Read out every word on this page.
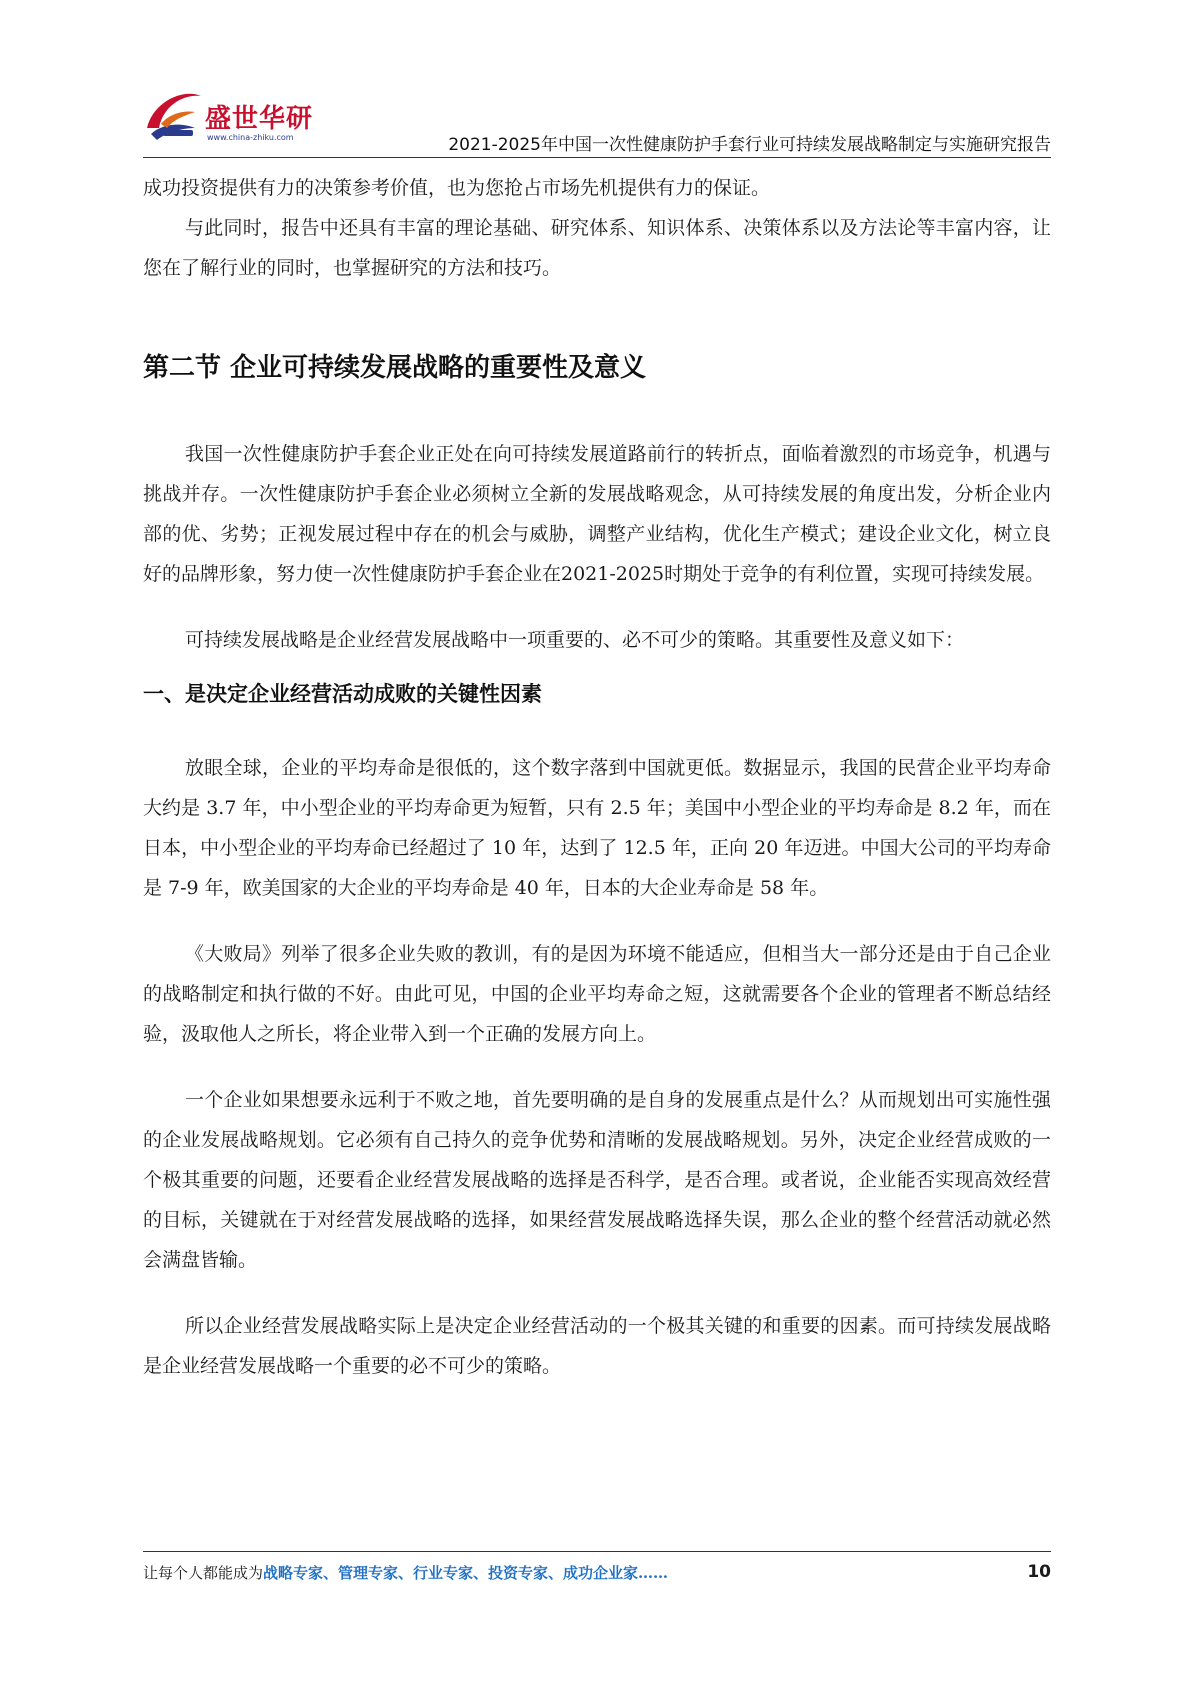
盛世华研
www.china-zhiku.com	2021-2025年中国一次性健康防护手套行业可持续发展战略制定与实施研究报告

成功投资提供有力的决策参考价值，也为您抢占市场先机提供有力的保证。

与此同时，报告中还具有丰富的理论基础、研究体系、知识体系、决策体系以及方法论等丰富内容，让您在了解行业的同时，也掌握研究的方法和技巧。

第二节 企业可持续发展战略的重要性及意义

我国一次性健康防护手套企业正处在向可持续发展道路前行的转折点，面临着激烈的市场竞争，机遇与挑战并存。一次性健康防护手套企业必须树立全新的发展战略观念，从可持续发展的角度出发，分析企业内部的优、劣势；正视发展过程中存在的机会与威胁，调整产业结构，优化生产模式；建设企业文化，树立良好的品牌形象，努力使一次性健康防护手套企业在2021-2025时期处于竞争的有利位置，实现可持续发展。

可持续发展战略是企业经营发展战略中一项重要的、必不可少的策略。其重要性及意义如下：

一、是决定企业经营活动成败的关键性因素

放眼全球，企业的平均寿命是很低的，这个数字落到中国就更低。数据显示，我国的民营企业平均寿命大约是 3.7 年，中小型企业的平均寿命更为短暂，只有 2.5 年；美国中小型企业的平均寿命是 8.2 年，而在日本，中小型企业的平均寿命已经超过了 10 年，达到了 12.5 年，正向 20 年迈进。中国大公司的平均寿命是 7-9 年，欧美国家的大企业的平均寿命是 40 年，日本的大企业寿命是 58 年。

《大败局》列举了很多企业失败的教训，有的是因为环境不能适应，但相当大一部分还是由于自己企业的战略制定和执行做的不好。由此可见，中国的企业平均寿命之短，这就需要各个企业的管理者不断总结经验，汲取他人之所长，将企业带入到一个正确的发展方向上。

一个企业如果想要永远利于不败之地，首先要明确的是自身的发展重点是什么？从而规划出可实施性强的企业发展战略规划。它必须有自己持久的竞争优势和清晰的发展战略规划。另外，决定企业经营成败的一个极其重要的问题，还要看企业经营发展战略的选择是否科学，是否合理。或者说，企业能否实现高效经营的目标，关键就在于对经营发展战略的选择，如果经营发展战略选择失误，那么企业的整个经营活动就必然会满盘皆输。

所以企业经营发展战略实际上是决定企业经营活动的一个极其关键的和重要的因素。而可持续发展战略是企业经营发展战略一个重要的必不可少的策略。

让每个人都能成为战略专家、管理专家、行业专家、投资专家、成功企业家……	10
